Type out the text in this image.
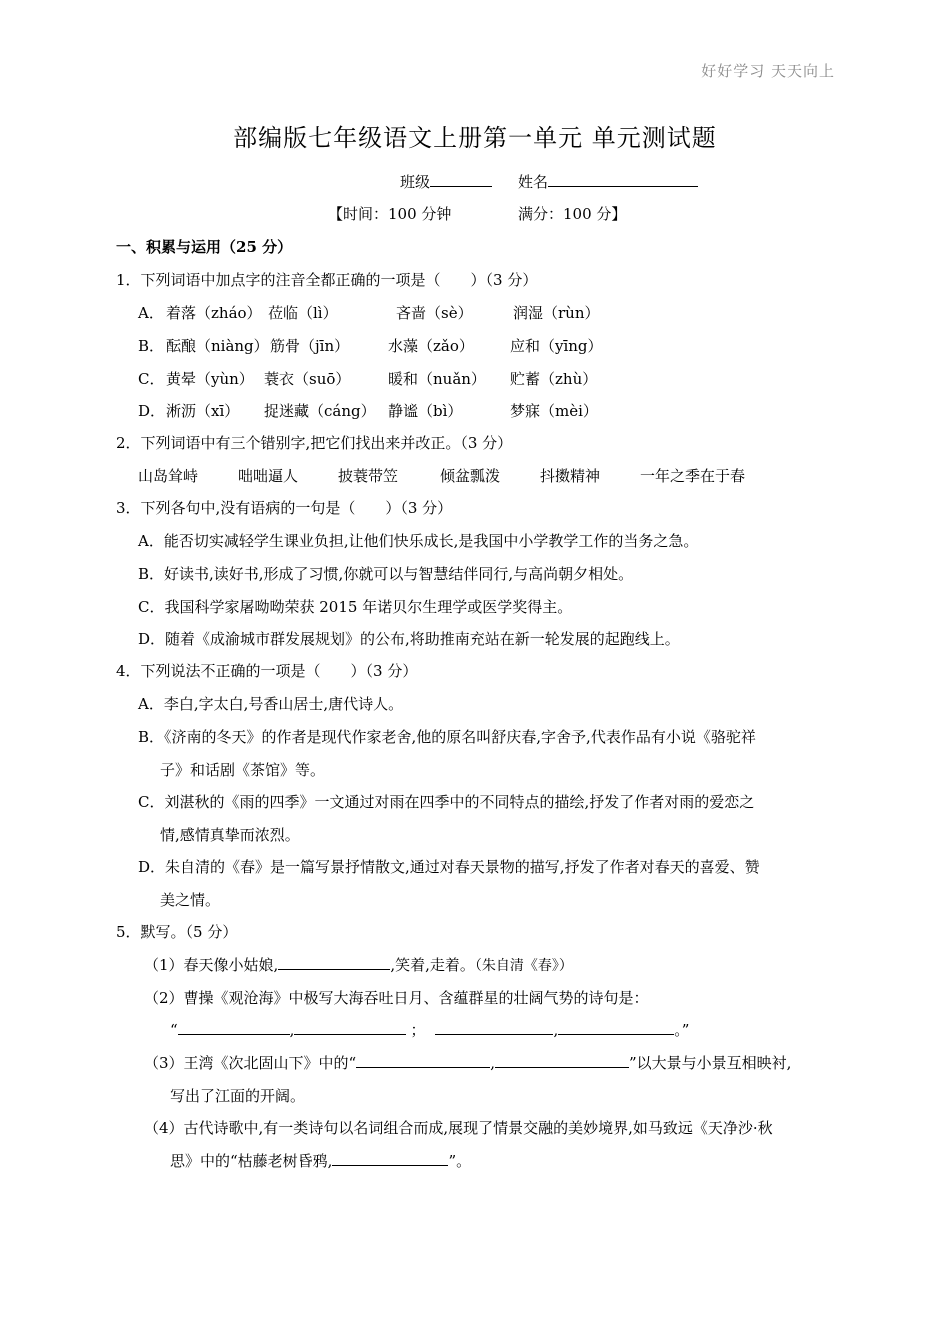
好好学习 天天向上
部编版七年级语文上册第一单元 单元测试题
班级	姓名
【时间：100 分钟	满分：100 分】
一、积累与运用（25 分）
1．下列词语中加点字的注音全都正确的一项是（　　）（3 分）
A． 着落（zháo） 莅临（lì）	吝啬（sè）	润湿（rùn）
B． 酝酿（niàng） 筋骨（jīn）	水藻（zǎo） 应和（yīng）
C． 黄晕（yùn） 蓑衣（suō）	暖和（nuǎn） 贮蓄（zhù）
D． 淅沥（xī） 捉迷藏（cáng） 静谧（bì）	梦寐（mèi）
2．下列词语中有三个错别字,把它们找出来并改正。（3 分）
山岛耸峙	咄咄逼人	披蓑带笠	倾盆瓢泼	抖擞精神	一年之季在于春
3．下列各句中,没有语病的一句是（　　）（3 分）
A．能否切实减轻学生课业负担,让他们快乐成长,是我国中小学教学工作的当务之急。
B．好读书,读好书,形成了习惯,你就可以与智慧结伴同行,与高尚朝夕相处。
C．我国科学家屠呦呦荣获 2015 年诺贝尔生理学或医学奖得主。
D．随着《成渝城市群发展规划》的公布,将助推南充站在新一轮发展的起跑线上。
4．下列说法不正确的一项是（　　）（3 分）
A．李白,字太白,号香山居士,唐代诗人。
B．《济南的冬天》的作者是现代作家老舍,他的原名叫舒庆春,字舍予,代表作品有小说《骆驼祥
子》和话剧《茶馆》等。
C．刘湛秋的《雨的四季》一文通过对雨在四季中的不同特点的描绘,抒发了作者对雨的爱恋之
情,感情真挚而浓烈。
D．朱自清的《春》是一篇写景抒情散文,通过对春天景物的描写,抒发了作者对春天的喜爱、赞
美之情。
5．默写。（5 分）
（1）春天像小姑娘,	,笑着,走着。（朱自清《春》）
（2）曹操《观沧海》中极写大海吞吐日月、含蕴群星的壮阔气势的诗句是：
“	,	；	,	。”
（3）王湾《次北固山下》中的“	,	”以大景与小景互相映衬,
写出了江面的开阔。
（4）古代诗歌中,有一类诗句以名词组合而成,展现了情景交融的美妙境界,如马致远《天净沙·秋
思》中的“枯藤老树昏鸦,	”。
